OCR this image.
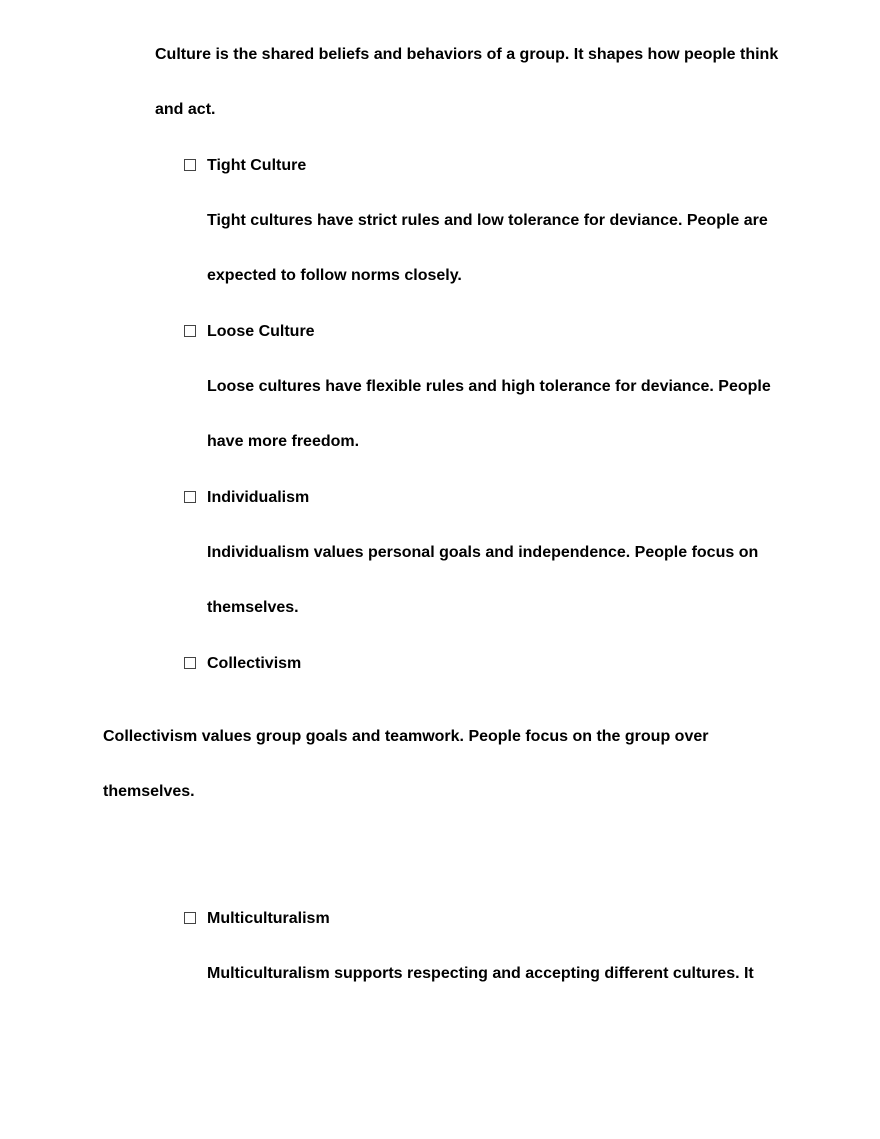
Culture is the shared beliefs and behaviors of a group. It shapes how people think

and act.

Tight Culture

Tight cultures have strict rules and low tolerance for deviance. People are

expected to follow norms closely.

Loose Culture

Loose cultures have flexible rules and high tolerance for deviance. People

have more freedom.

Individualism

Individualism values personal goals and independence. People focus on

themselves.

Collectivism

Collectivism values group goals and teamwork. People focus on the group over

themselves.

Multiculturalism

Multiculturalism supports respecting and accepting different cultures. It
